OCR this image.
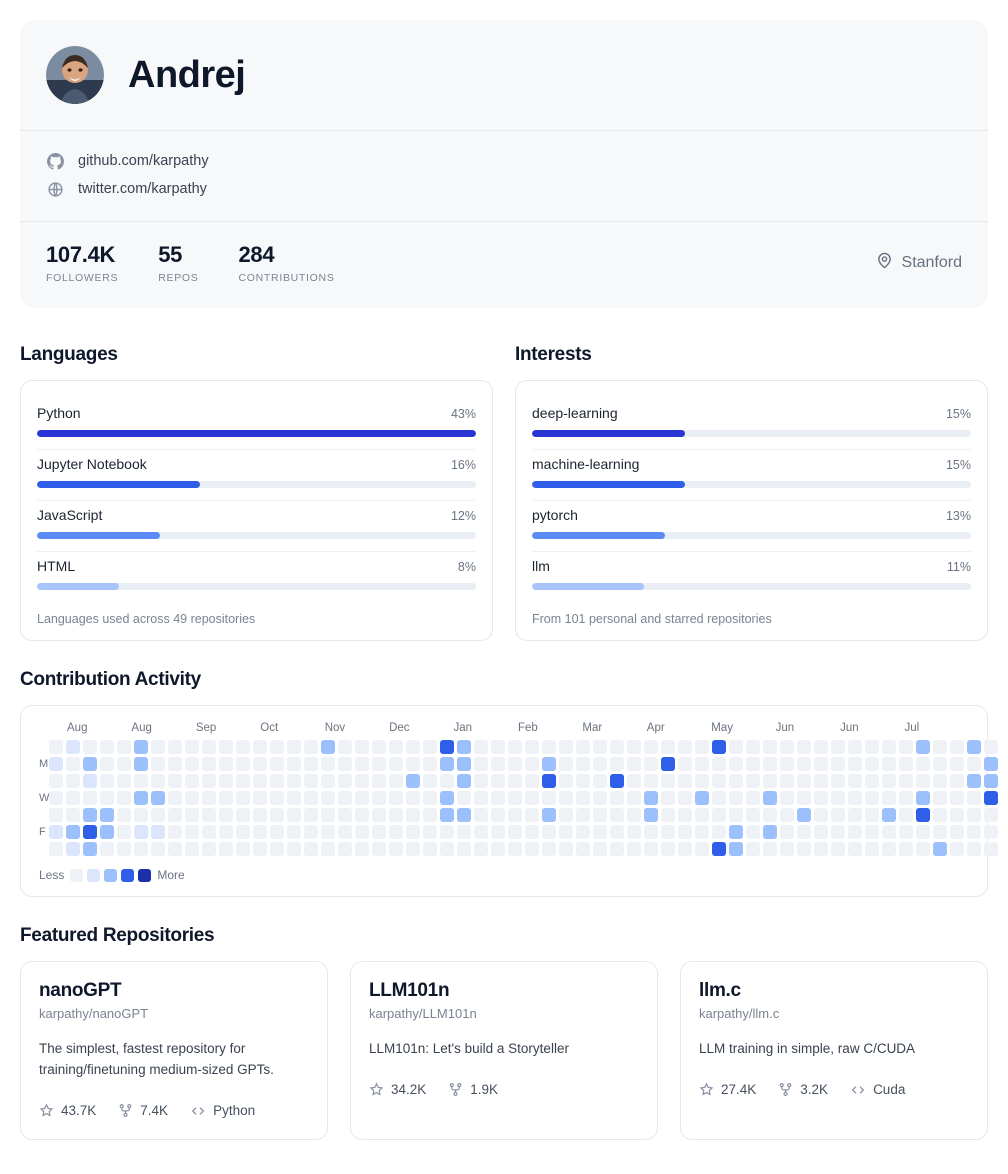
Andrej
github.com/karpathy
twitter.com/karpathy
107.4K
FOLLOWERS
55
REPOS
284
CONTRIBUTIONS
Stanford
Languages
Python	43%
Jupyter Notebook	16%
JavaScript	12%
HTML	8%
Languages used across 49 repositories
Interests
deep-learning	15%
machine-learning	15%
pytorch	13%
llm	11%
From 101 personal and starred repositories
Contribution Activity
Aug	Aug	Sep	Oct	Nov	Dec	Jan	Feb	Mar	Apr	May	Jun	Jun	Jul
M
W
F
Less	More
Featured Repositories
nanoGPT
karpathy/nanoGPT
The simplest, fastest repository for training/finetuning medium-sized GPTs.
43.7K	7.4K	Python
LLM101n
karpathy/LLM101n
LLM101n: Let's build a Storyteller
34.2K	1.9K
llm.c
karpathy/llm.c
LLM training in simple, raw C/CUDA
27.4K	3.2K	Cuda
